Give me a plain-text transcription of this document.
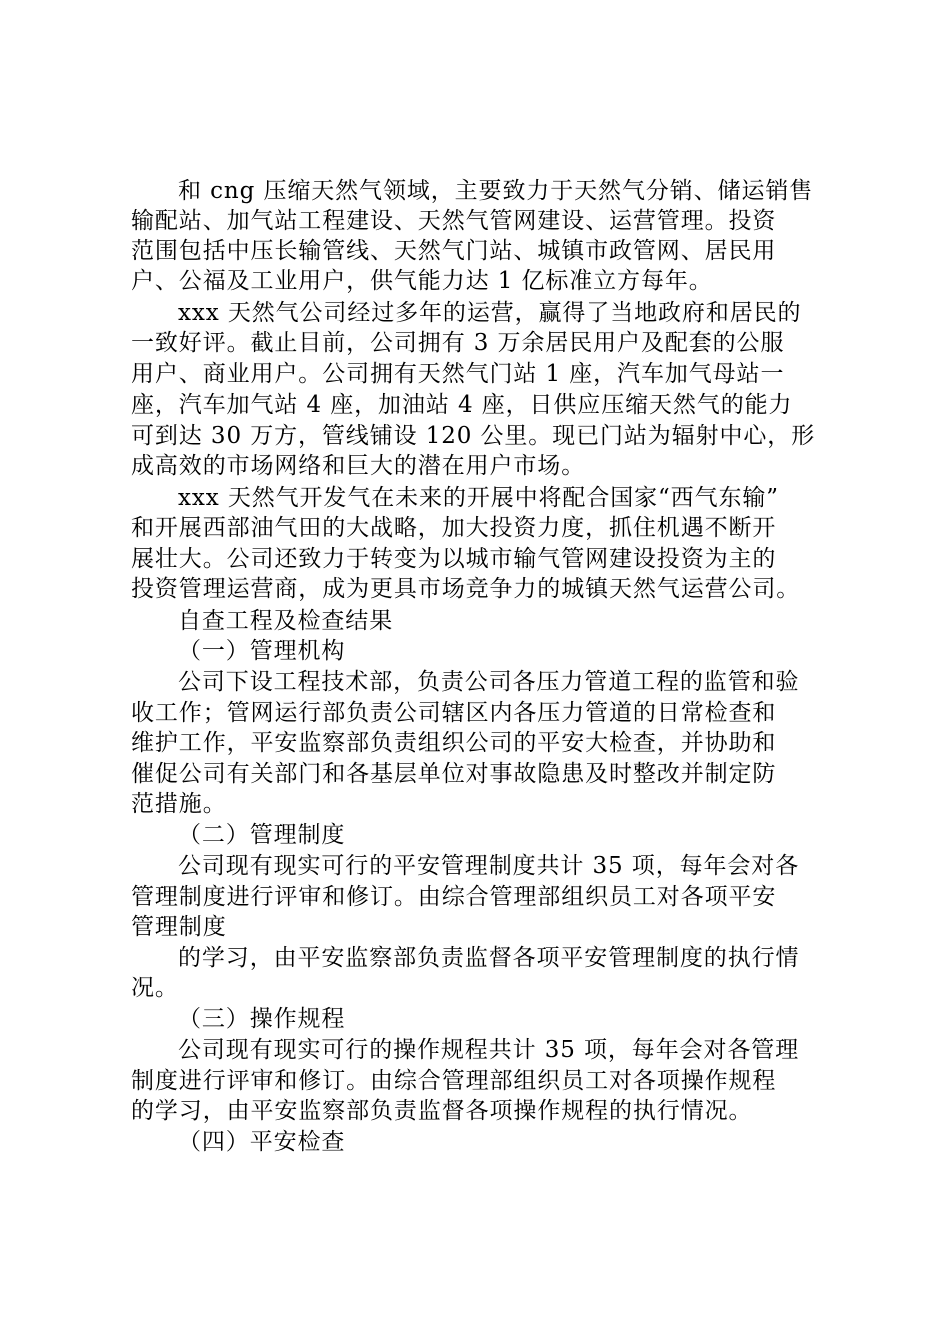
和 cng 压缩天然气领域，主要致力于天然气分销、储运销售

输配站、加气站工程建设、天然气管网建设、运营管理。投资

范围包括中压长输管线、天然气门站、城镇市政管网、居民用

户、公福及工业用户，供气能力达 1 亿标准立方每年。

xxx 天然气公司经过多年的运营，赢得了当地政府和居民的

一致好评。截止目前，公司拥有 3 万余居民用户及配套的公服

用户、商业用户。公司拥有天然气门站 1 座，汽车加气母站一

座，汽车加气站 4 座，加油站 4 座，日供应压缩天然气的能力

可到达 30 万方，管线铺设 120 公里。现已门站为辐射中心，形

成高效的市场网络和巨大的潜在用户市场。

xxx 天然气开发气在未来的开展中将配合国家“西气东输”

和开展西部油气田的大战略，加大投资力度，抓住机遇不断开

展壮大。公司还致力于转变为以城市输气管网建设投资为主的

投资管理运营商，成为更具市场竞争力的城镇天然气运营公司。

自查工程及检查结果

（一）管理机构

公司下设工程技术部，负责公司各压力管道工程的监管和验

收工作；管网运行部负责公司辖区内各压力管道的日常检查和

维护工作，平安监察部负责组织公司的平安大检查，并协助和

催促公司有关部门和各基层单位对事故隐患及时整改并制定防

范措施。

（二）管理制度

公司现有现实可行的平安管理制度共计 35 项，每年会对各

管理制度进行评审和修订。由综合管理部组织员工对各项平安

管理制度

的学习，由平安监察部负责监督各项平安管理制度的执行情

况。

（三）操作规程

公司现有现实可行的操作规程共计 35 项，每年会对各管理

制度进行评审和修订。由综合管理部组织员工对各项操作规程

的学习，由平安监察部负责监督各项操作规程的执行情况。

（四）平安检查
